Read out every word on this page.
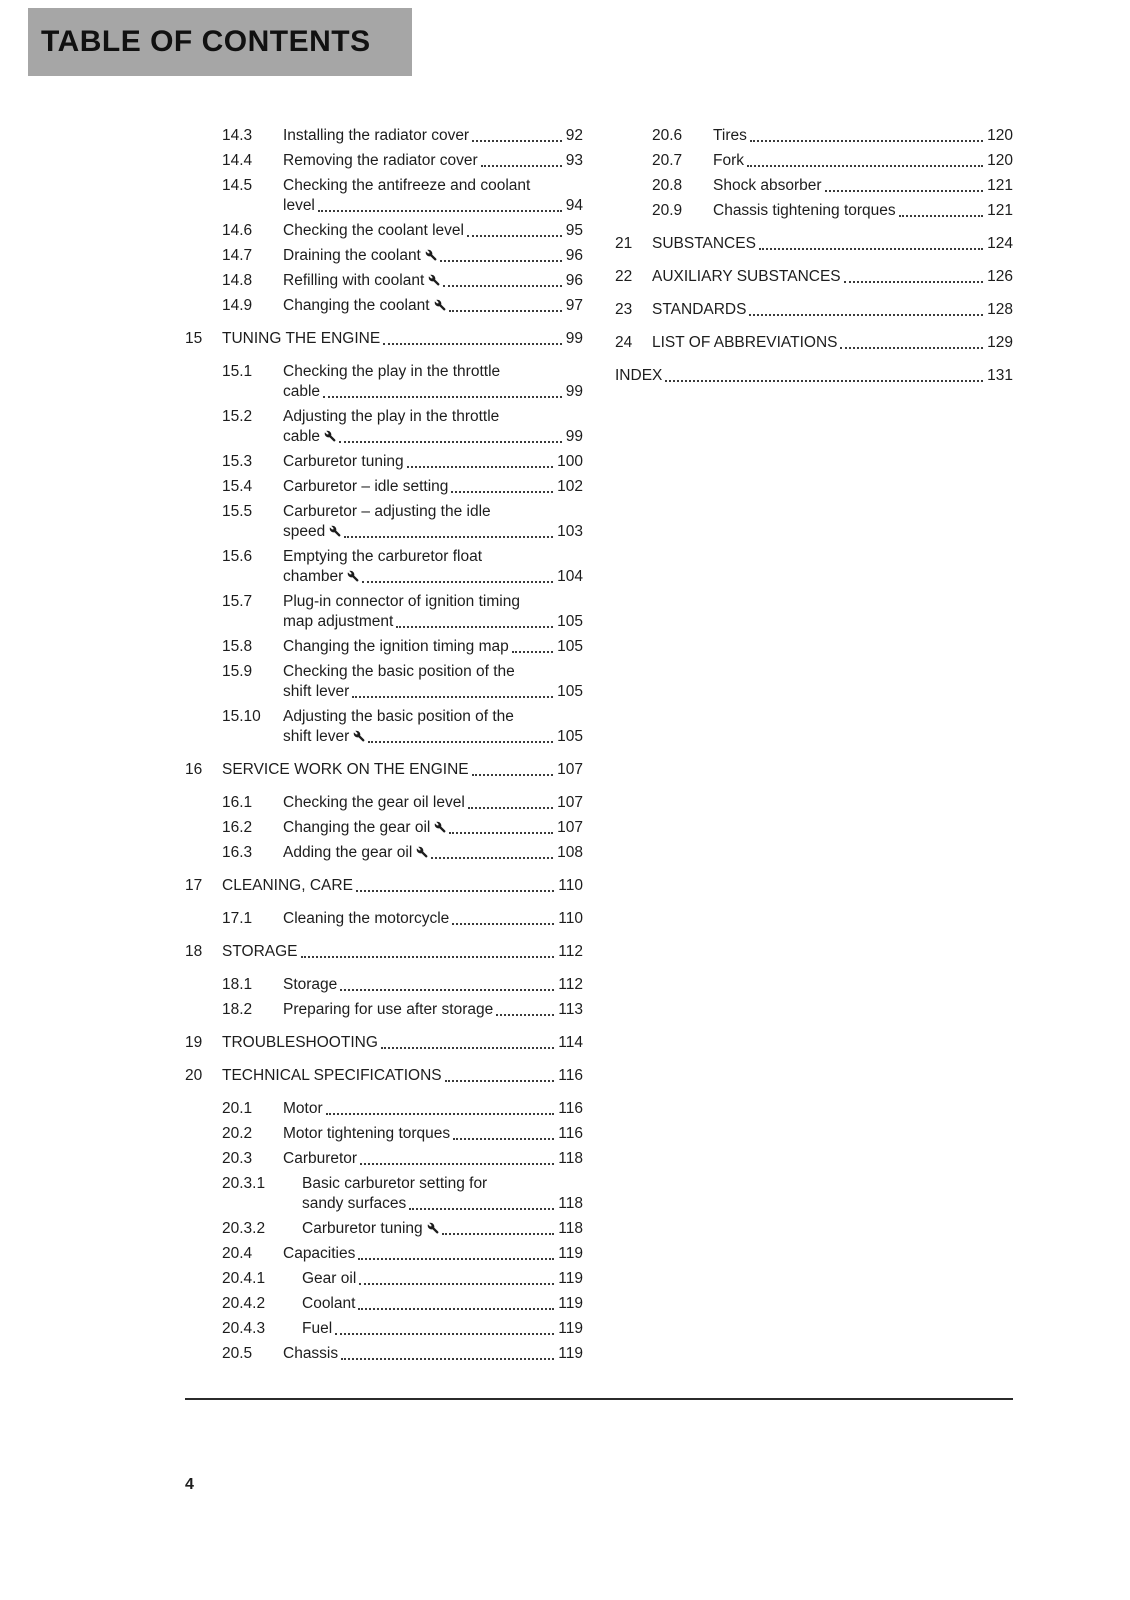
TABLE OF CONTENTS
14.3	Installing the radiator cover	92
14.4	Removing the radiator cover	93
14.5	Checking the antifreeze and coolant
level	94
14.6	Checking the coolant level	95
14.7	Draining the coolant	96
14.8	Refilling with coolant	96
14.9	Changing the coolant	97
15	TUNING THE ENGINE	99
15.1	Checking the play in the throttle
cable	99
15.2	Adjusting the play in the throttle
cable	99
15.3	Carburetor tuning	100
15.4	Carburetor – idle setting	102
15.5	Carburetor – adjusting the idle
speed	103
15.6	Emptying the carburetor float
chamber	104
15.7	Plug-in connector of ignition timing
map adjustment	105
15.8	Changing the ignition timing map	105
15.9	Checking the basic position of the
shift lever	105
15.10	Adjusting the basic position of the
shift lever	105
16	SERVICE WORK ON THE ENGINE	107
16.1	Checking the gear oil level	107
16.2	Changing the gear oil	107
16.3	Adding the gear oil	108
17	CLEANING, CARE	110
17.1	Cleaning the motorcycle	110
18	STORAGE	112
18.1	Storage	112
18.2	Preparing for use after storage	113
19	TROUBLESHOOTING	114
20	TECHNICAL SPECIFICATIONS	116
20.1	Motor	116
20.2	Motor tightening torques	116
20.3	Carburetor	118
20.3.1	Basic carburetor setting for
sandy surfaces	118
20.3.2	Carburetor tuning	118
20.4	Capacities	119
20.4.1	Gear oil	119
20.4.2	Coolant	119
20.4.3	Fuel	119
20.5	Chassis	119
20.6	Tires	120
20.7	Fork	120
20.8	Shock absorber	121
20.9	Chassis tightening torques	121
21	SUBSTANCES	124
22	AUXILIARY SUBSTANCES	126
23	STANDARDS	128
24	LIST OF ABBREVIATIONS	129
INDEX	131
4
